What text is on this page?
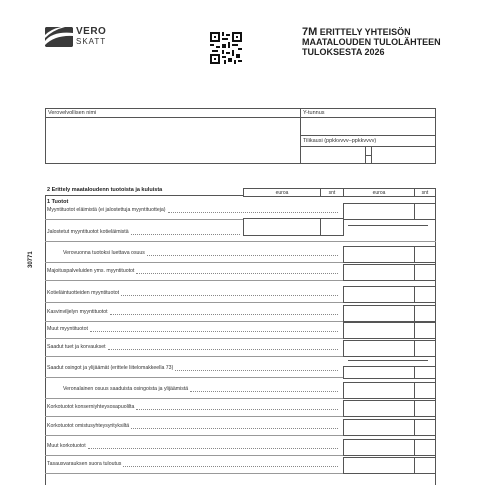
VERO
SKATT
7M ERITTELY YHTEISÖN
MAATALOUDEN TULOLÄHTEEN
TULOKSESTA 2026
Verovelvollisen nimi	Y-tunnus
Tilikausi (ppkkvvvv–ppkkvvvv)
30771
2 Erittely maataloudenn tuotoista ja kuluista	euroa	snt	euroa	snt
1 Tuotot
Myyntituotot eläimistä (ei jalostettuja myyntituotteja)
Jalostetut myyntituotot kotieläimistä
Verovuonna tuotoksi luettava osuus
Majoituspalveluiden yms. myyntituotot
Kotieläintuotteiden myyntituotot
Kasvinviljelyn myyntituotot
Muut myyntituotot
Saadut tuet ja korvaukset
Saadut osingot ja ylijäämät (erittele liitelomakkeella 73)
Veronalainen osuus saaduista osingoista ja ylijäämistä
Korkotuotot konserniyhteysosapuolilta
Korkotuotot omistusyhteysyrityksiltä
Muut korkotuotot
Tasausvarauksen suora tuloutus
